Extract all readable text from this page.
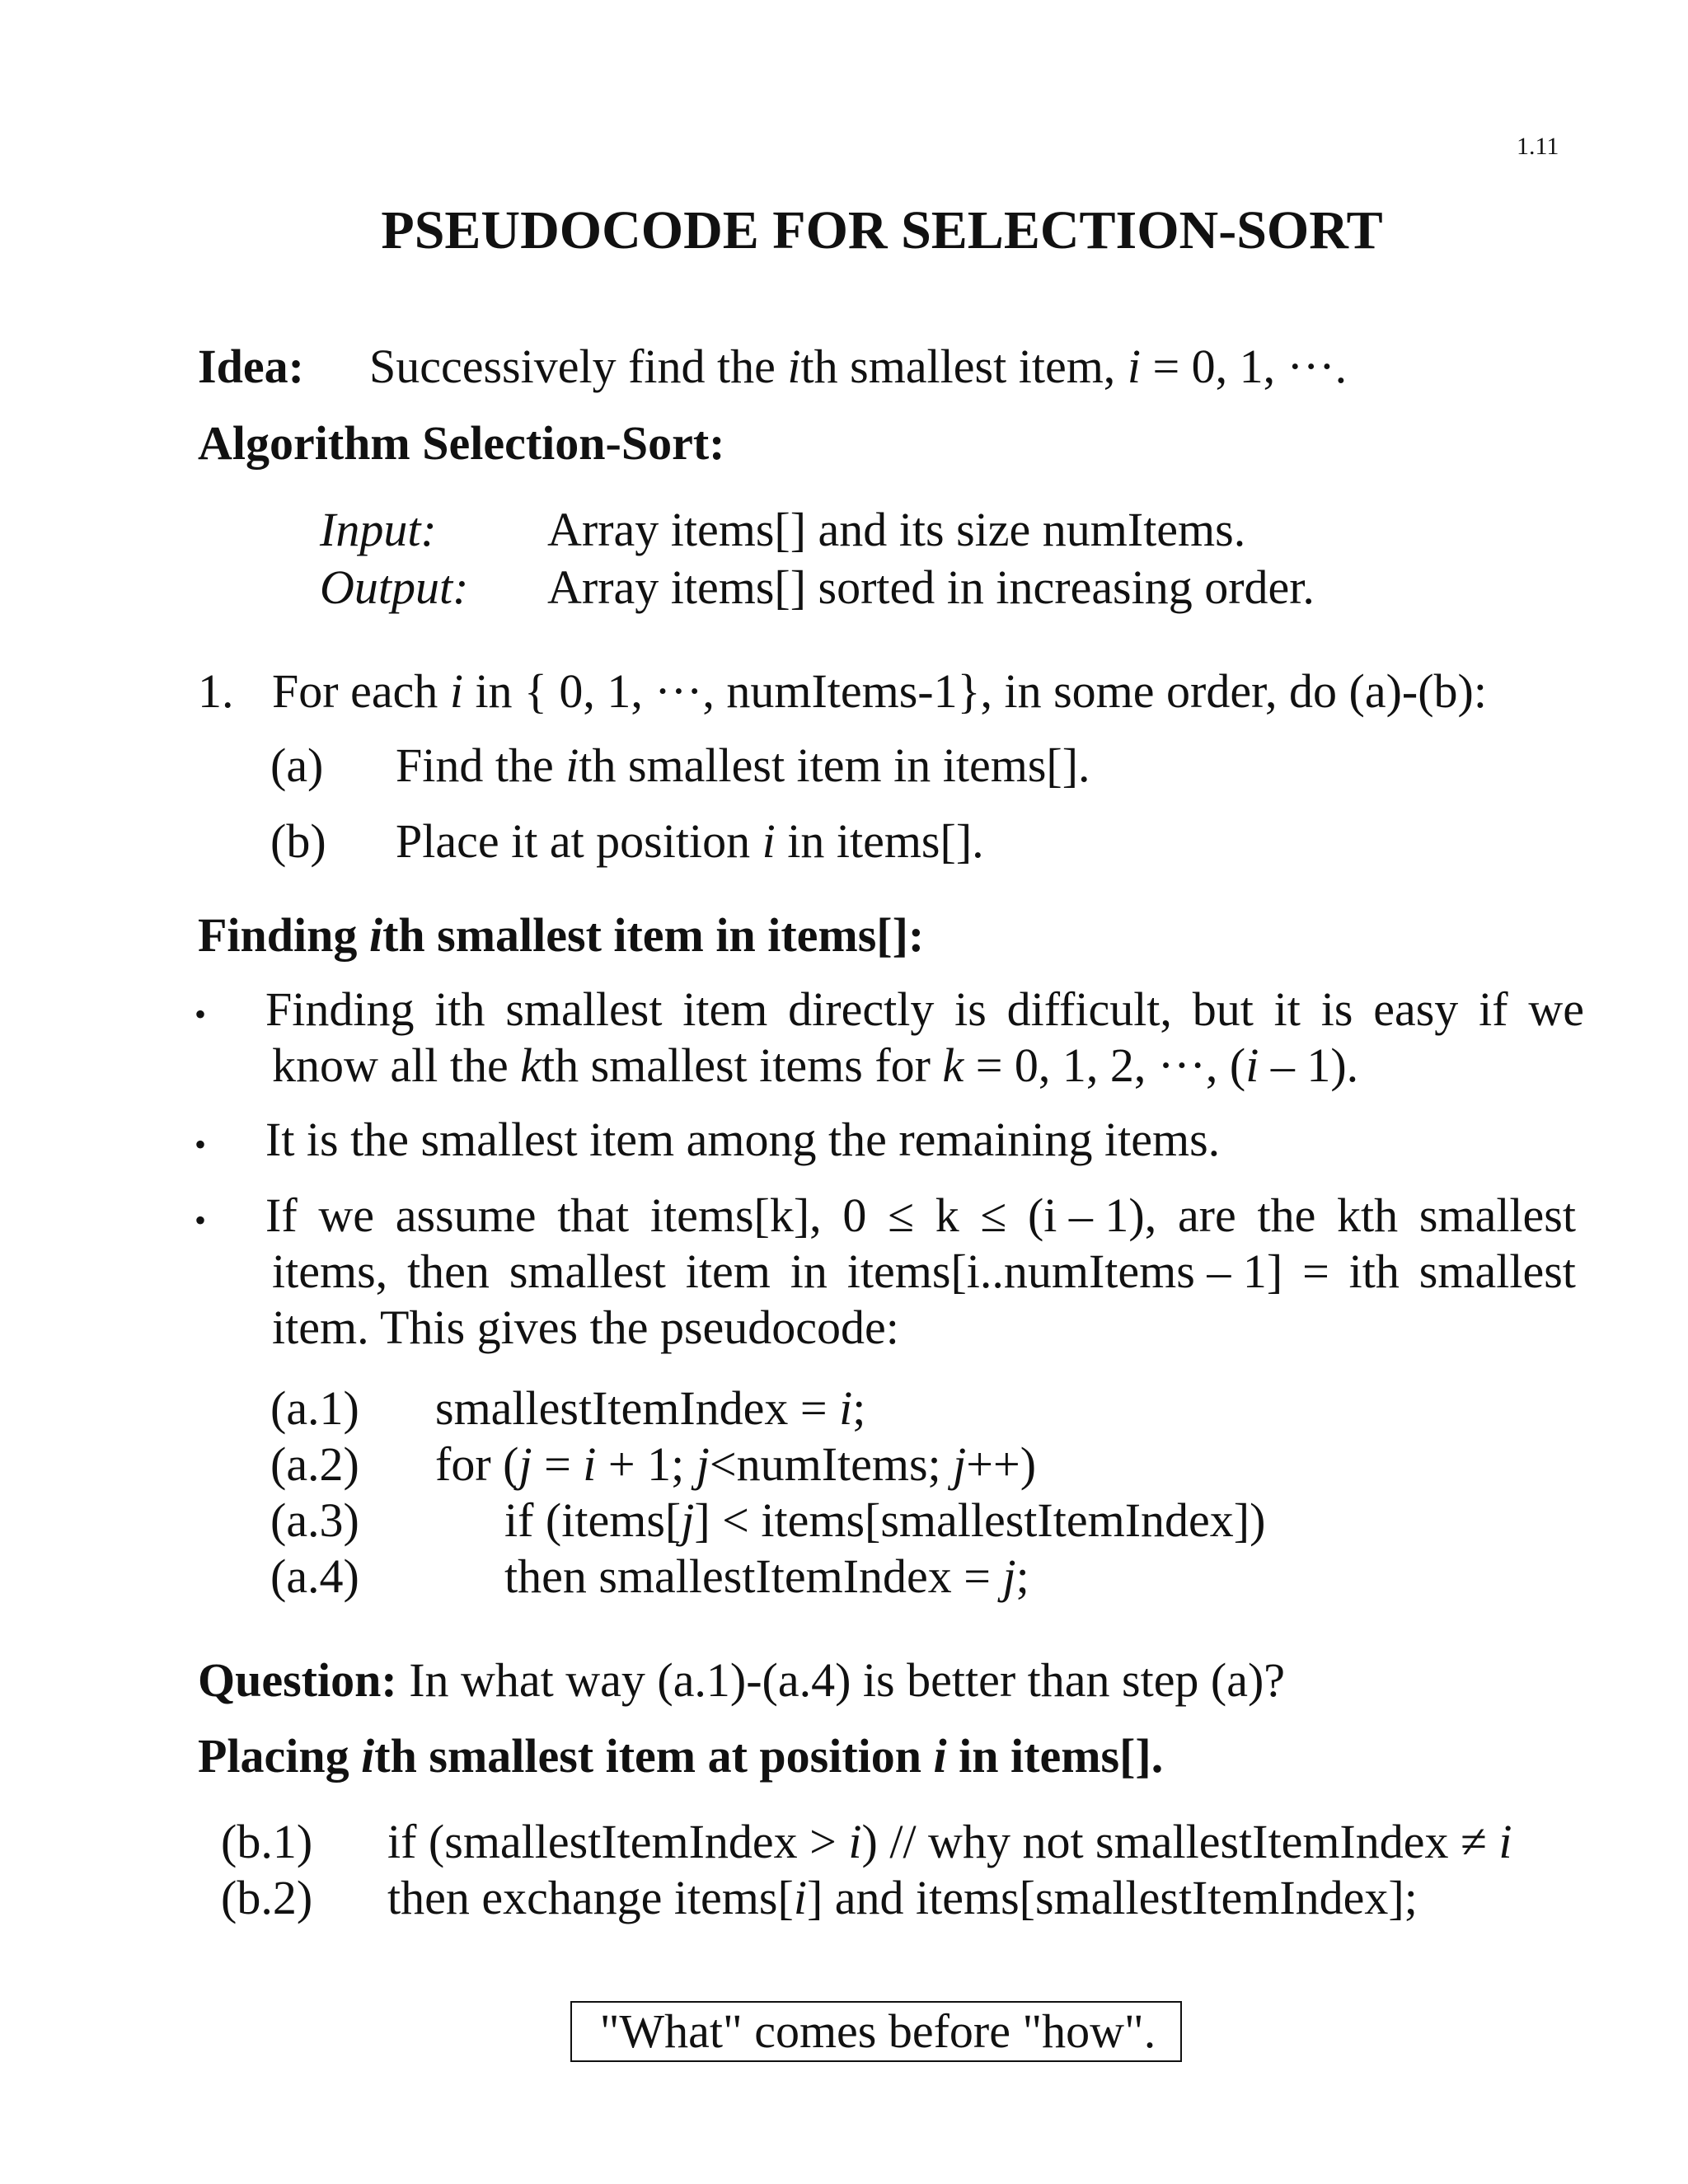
1.11
PSEUDOCODE FOR SELECTION-SORT
Idea: Successively find the ith smallest item, i = 0, 1, ···.
Algorithm Selection-Sort:
Input: Array items[] and its size numItems.
Output: Array items[] sorted in increasing order.
1. For each i in { 0, 1, ···, numItems-1}, in some order, do (a)-(b):
(a) Find the ith smallest item in items[].
(b) Place it at position i in items[].
Finding ith smallest item in items[]:
• Finding ith smallest item directly is difficult, but it is easy if we
know all the kth smallest items for k = 0, 1, 2, ···, (i – 1).
• It is the smallest item among the remaining items.
• If we assume that items[k], 0 ≤ k ≤ (i – 1), are the kth smallest
items, then smallest item in items[i..numItems – 1] = ith smallest
item. This gives the pseudocode:
(a.1) smallestItemIndex = i;
(a.2) for (j = i + 1; j<numItems; j++)
(a.3)	if (items[j] < items[smallestItemIndex])
(a.4)	then smallestItemIndex = j;
Question: In what way (a.1)-(a.4) is better than step (a)?
Placing ith smallest item at position i in items[].
(b.1) if (smallestItemIndex > i) // why not smallestItemIndex ≠ i
(b.2) then exchange items[i] and items[smallestItemIndex];
"What" comes before "how".
